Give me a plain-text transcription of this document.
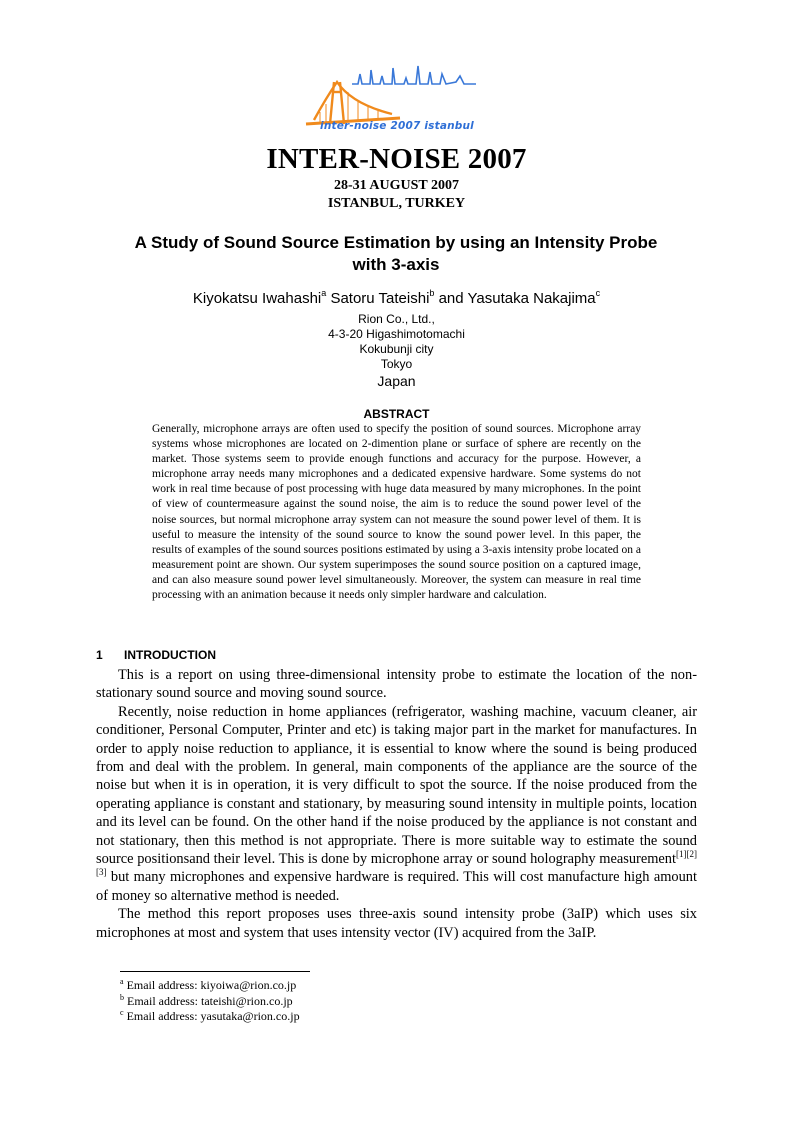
inter-noise 2007 istanbul
INTER-NOISE 2007
28-31 AUGUST 2007
ISTANBUL, TURKEY
A Study of Sound Source Estimation by using an Intensity Probe
with 3-axis
Kiyokatsu Iwahashi$^a$ Satoru Tateishi$^b$ and Yasutaka Nakajima$^c$
Rion Co., Ltd.,
4-3-20 Higashimotomachi
Kokubunji city
Tokyo
Japan
ABSTRACT
Generally, microphone arrays are often used to specify the position of sound sources. Microphone array systems whose microphones are located on 2-dimention plane or surface of sphere are recently on the market. Those systems seem to provide enough functions and accuracy for the purpose. However, a microphone array needs many microphones and a dedicated expensive hardware. Some systems do not work in real time because of post processing with huge data measured by many microphones. In the point of view of countermeasure against the sound noise, the aim is to reduce the sound power level of the noise sources, but normal microphone array system can not measure the sound power level of them. It is useful to measure the intensity of the sound source to know the sound power level. In this paper, the results of examples of the sound sources positions estimated by using a 3-axis intensity probe located on a measurement point are shown. Our system superimposes the sound source position on a captured image, and can also measure sound power level simultaneously. Moreover, the system can measure in real time processing with an animation because it needs only simpler hardware and calculation.
1 INTRODUCTION

This is a report on using three-dimensional intensity probe to estimate the location of the non-stationary sound source and moving sound source.

Recently, noise reduction in home appliances (refrigerator, washing machine, vacuum cleaner, air conditioner, Personal Computer, Printer and etc) is taking major part in the market for manufactures. In order to apply noise reduction to appliance, it is essential to know where the sound is being produced from and deal with the problem. In general, main components of the appliance are the source of the noise but when it is in operation, it is very difficult to spot the source. If the noise produced from the operating appliance is constant and stationary, by measuring sound intensity in multiple points, location and its level can be found. On the other hand if the noise produced by the appliance is not constant and not stationary, then this method is not appropriate. There is more suitable way to estimate the sound source positionsand their level. This is done by microphone array or sound holography measurement[1][2][3] but many microphones and expensive hardware is required. This will cost manufacture high amount of money so alternative method is needed.

The method this report proposes uses three-axis sound intensity probe (3aIP) which uses six microphones at most and system that uses intensity vector (IV) acquired from the 3aIP.

$^a$ Email address: kiyoiwa@rion.co.jp
$^b$ Email address: tateishi@rion.co.jp
$^c$ Email address: yasutaka@rion.co.jp
